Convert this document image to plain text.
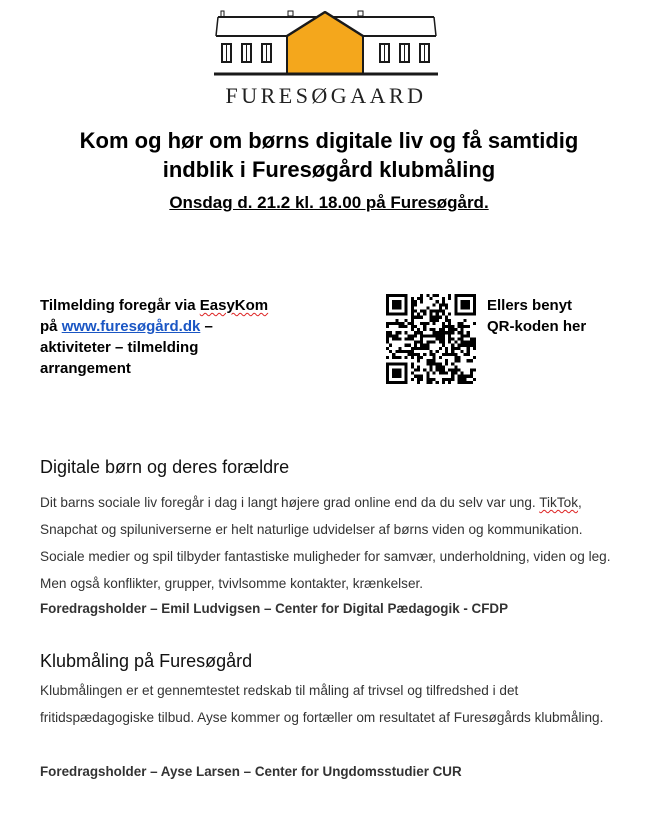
FURESØGAARD
Kom og hør om børns digitale liv og få samtidig
indblik i Furesøgård klubmåling
Onsdag d. 21.2 kl. 18.00 på Furesøgård.
Tilmelding foregår via EasyKom
på www.furesøgård.dk –
aktiviteter – tilmelding
arrangement
Ellers benyt
QR-koden her
Digitale børn og deres forældre
Dit barns sociale liv foregår i dag i langt højere grad online end da du selv var ung. TikTok, Snapchat og spiluniverserne er helt naturlige udvidelser af børns viden og kommunikation. Sociale medier og spil tilbyder fantastiske muligheder for samvær, underholdning, viden og leg. Men også konflikter, grupper, tvivlsomme kontakter, krænkelser.
Foredragsholder – Emil Ludvigsen – Center for Digital Pædagogik - CFDP
Klubmåling på Furesøgård
Klubmålingen er et gennemtestet redskab til måling af trivsel og tilfredshed i det fritidspædagogiske tilbud. Ayse kommer og fortæller om resultatet af Furesøgårds klubmåling.
Foredragsholder – Ayse Larsen – Center for Ungdomsstudier CUR
